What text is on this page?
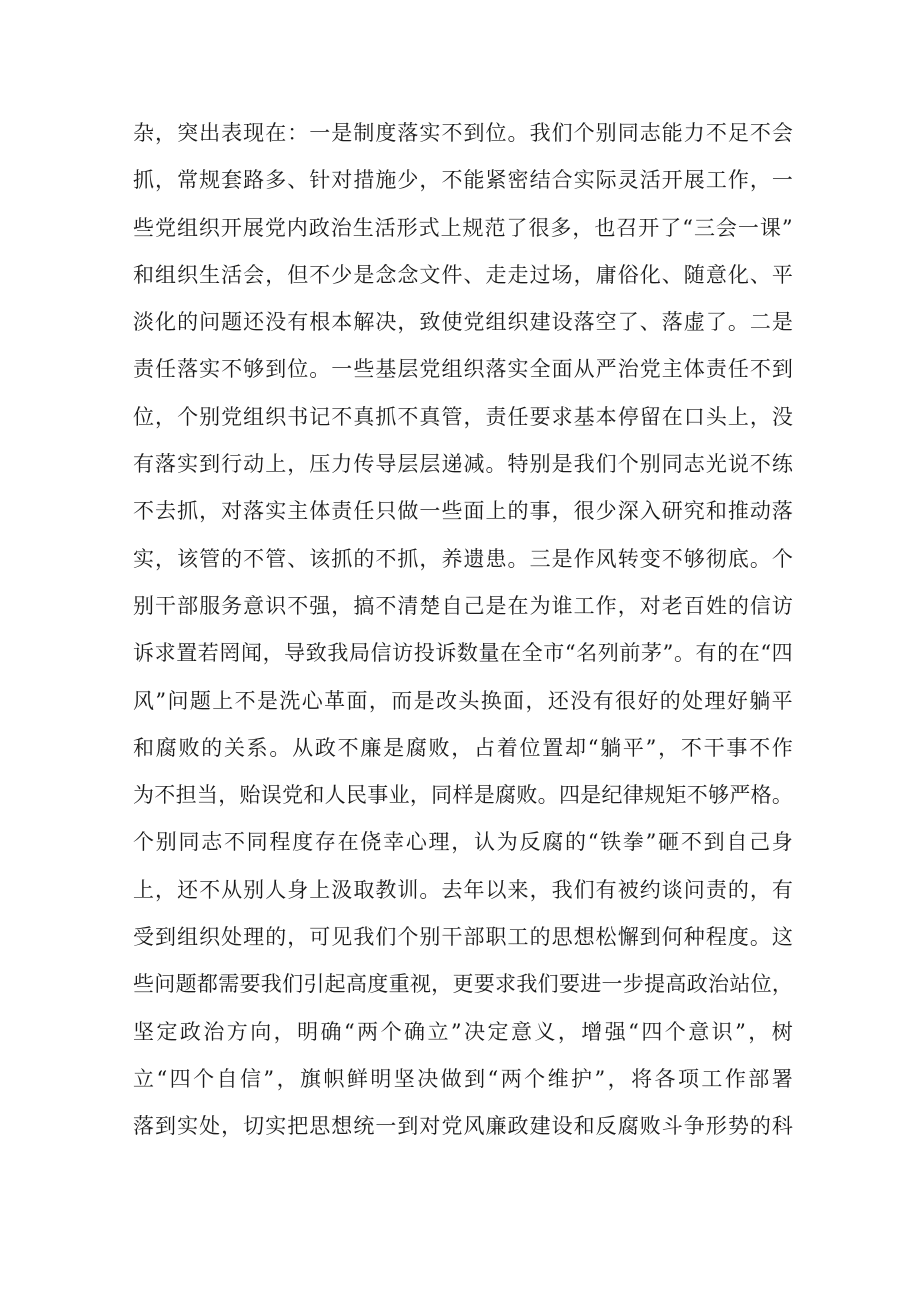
杂 ， 突 出 表 现 在 ： 一 是 制 度 落 实 不 到 位 。 我 们 个 别 同 志 能 力 不 足 不 会
抓 ， 常 规 套 路 多 、 针 对 措 施 少 ， 不 能 紧 密 结 合 实 际 灵 活 开 展 工 作 ， 一
些 党 组 织 开 展 党 内 政 治 生 活 形 式 上 规 范 了 很 多 ， 也 召 开 了 “ 三 会 一 课 ”
和 组 织 生 活 会 ， 但 不 少 是 念 念 文 件 、 走 走 过 场 ， 庸 俗 化 、 随 意 化 、 平
淡 化 的 问 题 还 没 有 根 本 解 决 ， 致 使 党 组 织 建 设 落 空 了 、 落 虚 了 。 二 是
责 任 落 实 不 够 到 位 。 一 些 基 层 党 组 织 落 实 全 面 从 严 治 党 主 体 责 任 不 到
位 ， 个 别 党 组 织 书 记 不 真 抓 不 真 管 ， 责 任 要 求 基 本 停 留 在 口 头 上 ， 没
有 落 实 到 行 动 上 ， 压 力 传 导 层 层 递 减 。 特 别 是 我 们 个 别 同 志 光 说 不 练
不 去 抓 ， 对 落 实 主 体 责 任 只 做 一 些 面 上 的 事 ， 很 少 深 入 研 究 和 推 动 落
实 ， 该 管 的 不 管 、 该 抓 的 不 抓 ， 养 遗 患 。 三 是 作 风 转 变 不 够 彻 底 。 个
别 干 部 服 务 意 识 不 强 ， 搞 不 清 楚 自 己 是 在 为 谁 工 作 ， 对 老 百 姓 的 信 访
诉 求 置 若 罔 闻 ， 导 致 我 局 信 访 投 诉 数 量 在 全 市 “ 名 列 前 茅 ” 。 有 的 在 “ 四
风 ” 问 题 上 不 是 洗 心 革 面 ， 而 是 改 头 换 面 ， 还 没 有 很 好 的 处 理 好 躺 平
和 腐 败 的 关 系 。 从 政 不 廉 是 腐 败 ， 占 着 位 置 却 “ 躺 平 ” ， 不 干 事 不 作
为 不 担 当 ， 贻 误 党 和 人 民 事 业 ， 同 样 是 腐 败 。 四 是 纪 律 规 矩 不 够 严 格 。
个 别 同 志 不 同 程 度 存 在 侥 幸 心 理 ， 认 为 反 腐 的 “ 铁 拳 ” 砸 不 到 自 己 身
上 ， 还 不 从 别 人 身 上 汲 取 教 训 。 去 年 以 来 ， 我 们 有 被 约 谈 问 责 的 ， 有
受 到 组 织 处 理 的 ， 可 见 我 们 个 别 干 部 职 工 的 思 想 松 懈 到 何 种 程 度 。 这
些 问 题 都 需 要 我 们 引 起 高 度 重 视 ， 更 要 求 我 们 要 进 一 步 提 高 政 治 站 位 ，
坚 定 政 治 方 向 ， 明 确 “ 两 个 确 立 ” 决 定 意 义 ， 增 强 “ 四 个 意 识 ” ， 树
立 “ 四 个 自 信 ” ， 旗 帜 鲜 明 坚 决 做 到 “ 两 个 维 护 ” ， 将 各 项 工 作 部 署
落 到 实 处 ， 切 实 把 思 想 统 一 到 对 党 风 廉 政 建 设 和 反 腐 败 斗 争 形 势 的 科
